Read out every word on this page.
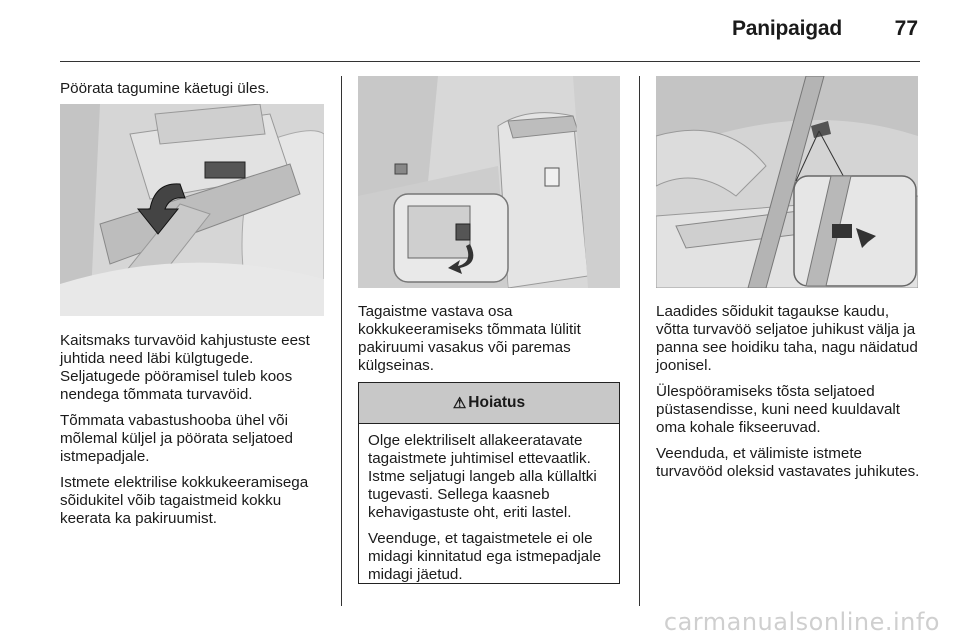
Panipaigad	77

Pöörata tagumine käetugi üles.

Kaitsmaks turvavöid kahjustuste eest juhtida need läbi külgtugede. Seljatugede pööramisel tuleb koos nendega tõmmata turvavöid.

Tõmmata vabastushooba ühel või mõlemal küljel ja pöörata seljatoed istmepadjale.

Istmete elektrilise kokkukeeramisega sõidukitel võib tagaistmeid kokku keerata ka pakiruumist.

Tagaistme vastava osa kokkukeeramiseks tõmmata lülitit pakiruumi vasakus või paremas külgseinas.

⚠ Hoiatus

Olge elektriliselt allakeeratavate tagaistmete juhtimisel ettevaatlik. Istme seljatugi langeb alla küllaltki tugevasti. Sellega kaasneb kehavigastuste oht, eriti lastel.

Veenduge, et tagaistmetele ei ole midagi kinnitatud ega istmepadjale midagi jäetud.

Laadides sõidukit tagaukse kaudu, võtta turvavöö seljatoe juhikust välja ja panna see hoidiku taha, nagu näidatud joonisel.

Ülespööramiseks tõsta seljatoed püstasendisse, kuni need kuuldavalt oma kohale fikseeruvad.

Veenduda, et välimiste istmete turvavööd oleksid vastavates juhikutes.

carmanualsonline.info
